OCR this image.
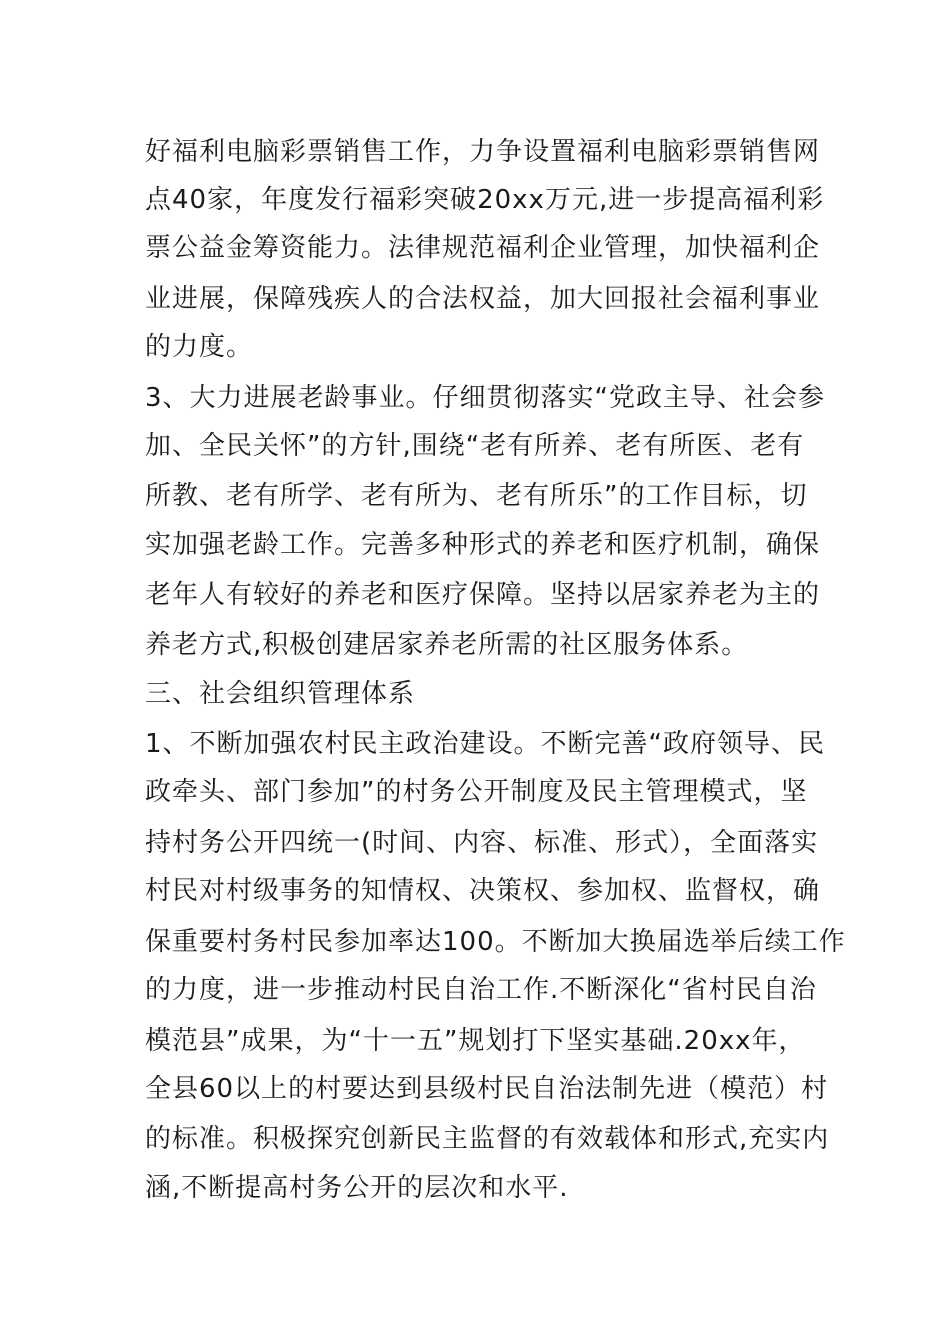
好福利电脑彩票销售工作，力争设置福利电脑彩票销售网
点40家，年度发行福彩突破20xx万元,进一步提高福利彩
票公益金筹资能力。法律规范福利企业管理，加快福利企
业进展，保障残疾人的合法权益，加大回报社会福利事业
的力度。
3、大力进展老龄事业。仔细贯彻落实“党政主导、社会参
加、全民关怀”的方针,围绕“老有所养、老有所医、老有
所教、老有所学、老有所为、老有所乐”的工作目标，切
实加强老龄工作。完善多种形式的养老和医疗机制，确保
老年人有较好的养老和医疗保障。坚持以居家养老为主的
养老方式,积极创建居家养老所需的社区服务体系。
三、社会组织管理体系
1、不断加强农村民主政治建设。不断完善“政府领导、民
政牵头、部门参加”的村务公开制度及民主管理模式，坚
持村务公开四统一(时间、内容、标准、形式），全面落实
村民对村级事务的知情权、决策权、参加权、监督权，确
保重要村务村民参加率达100。不断加大换届选举后续工作
的力度，进一步推动村民自治工作.不断深化“省村民自治
模范县”成果，为“十一五”规划打下坚实基础.20xx年，
全县60以上的村要达到县级村民自治法制先进（模范）村
的标准。积极探究创新民主监督的有效载体和形式,充实内
涵,不断提高村务公开的层次和水平.
